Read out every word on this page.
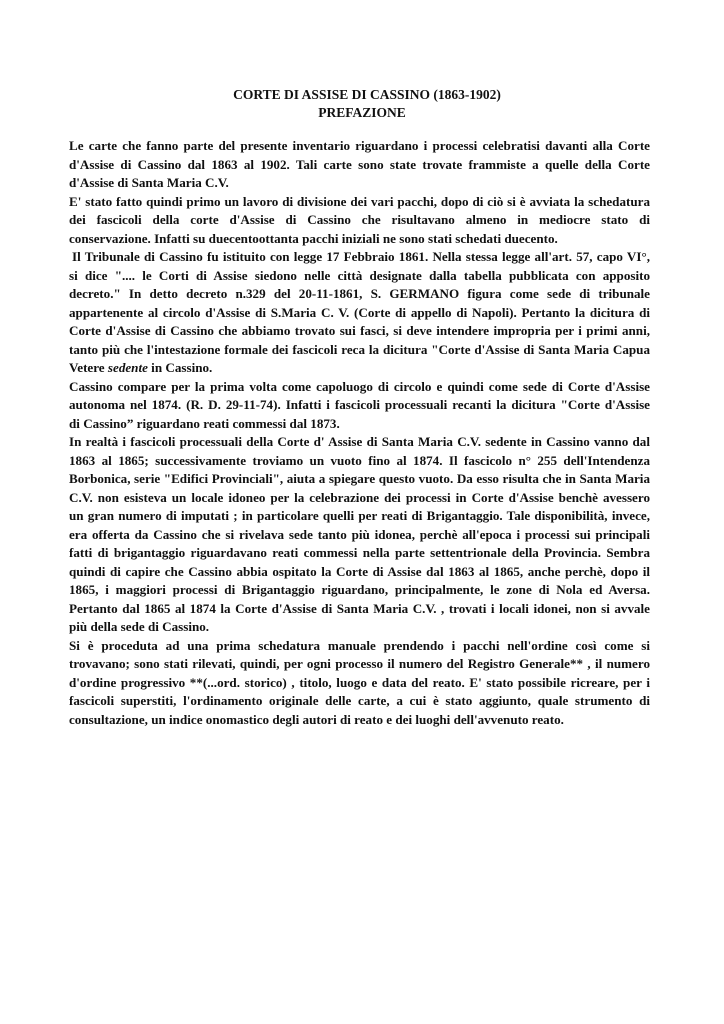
CORTE DI ASSISE DI CASSINO (1863-1902)
PREFAZIONE

Le carte che fanno parte del presente inventario riguardano i processi celebratisi davanti alla Corte
d'Assise di Cassino dal 1863 al 1902. Tali carte sono state trovate frammiste a quelle della Corte
d'Assise di Santa Maria C.V.

E' stato fatto quindi primo un lavoro di divisione dei vari pacchi, dopo di ciò si è avviata la schedatura
dei fascicoli della corte d'Assise di Cassino che risultavano almeno in mediocre stato di
conservazione. Infatti su duecentoottanta pacchi iniziali ne sono stati schedati duecento.

Il Tribunale di Cassino fu istituito con legge 17 Febbraio 1861. Nella stessa legge all'art. 57, capo VI°,
si dice ".... le Corti di Assise siedono nelle città designate dalla tabella pubblicata con apposito
decreto." In detto decreto n.329 del 20-11-1861, S. GERMANO figura come sede di tribunale
appartenente al circolo d'Assise di S.Maria C. V. (Corte di appello di Napoli). Pertanto la dicitura di
Corte d'Assise di Cassino che abbiamo trovato sui fasci, si deve intendere impropria per i primi anni,
tanto più che l'intestazione formale dei fascicoli reca la dicitura "Corte d'Assise di Santa Maria Capua
Vetere sedente in Cassino.

Cassino compare per la prima volta come capoluogo di circolo e quindi come sede di Corte d'Assise
autonoma nel 1874. (R. D. 29-11-74). Infatti i fascicoli processuali recanti la dicitura "Corte d'Assise
di Cassino” riguardano reati commessi dal 1873.

In realtà i fascicoli processuali della Corte d' Assise di Santa Maria C.V. sedente in Cassino vanno dal
1863 al 1865; successivamente troviamo un vuoto fino al 1874. Il fascicolo n° 255 dell'Intendenza
Borbonica, serie "Edifici Provinciali", aiuta a spiegare questo vuoto. Da esso risulta che in Santa Maria
C.V. non esisteva un locale idoneo per la celebrazione dei processi in Corte d'Assise benchè avessero
un gran numero di imputati ; in particolare quelli per reati di Brigantaggio. Tale disponibilità, invece,
era offerta da Cassino che si rivelava sede tanto più idonea, perchè all'epoca i processi sui principali
fatti di brigantaggio riguardavano reati commessi nella parte settentrionale della Provincia. Sembra
quindi di capire che Cassino abbia ospitato la Corte di Assise dal 1863 al 1865, anche perchè, dopo il
1865, i maggiori processi di Brigantaggio riguardano, principalmente, le zone di Nola ed Aversa.
Pertanto dal 1865 al 1874 la Corte d'Assise di Santa Maria C.V. , trovati i locali idonei, non si avvale
più della sede di Cassino.

Si è proceduta ad una prima schedatura manuale prendendo i pacchi nell'ordine così come si
trovavano; sono stati rilevati, quindi, per ogni processo il numero del Registro Generale** , il numero
d'ordine progressivo **(...ord. storico) , titolo, luogo e data del reato. E' stato possibile ricreare, per i
fascicoli superstiti, l'ordinamento originale delle carte, a cui è stato aggiunto, quale strumento di
consultazione, un indice onomastico degli autori di reato e dei luoghi dell'avvenuto reato.
